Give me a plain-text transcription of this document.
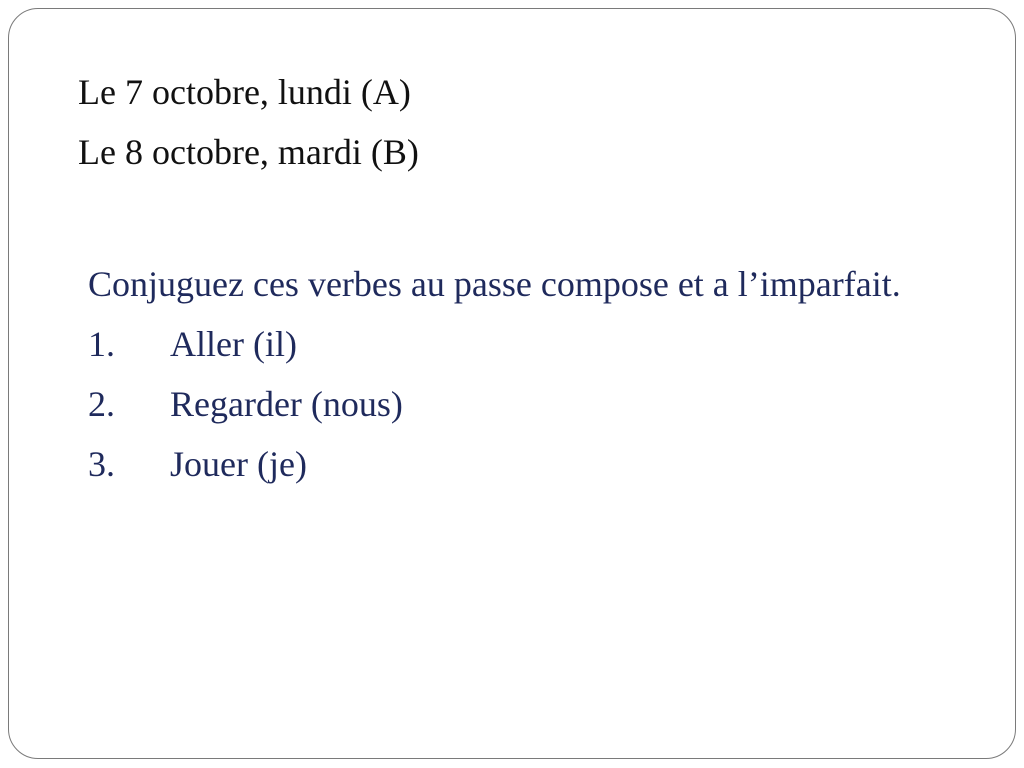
Le 7 octobre, lundi (A)
Le 8 octobre, mardi (B)
Conjuguez ces verbes au passe compose et a l’imparfait.
1.	Aller (il)
2.	Regarder (nous)
3.	Jouer (je)
